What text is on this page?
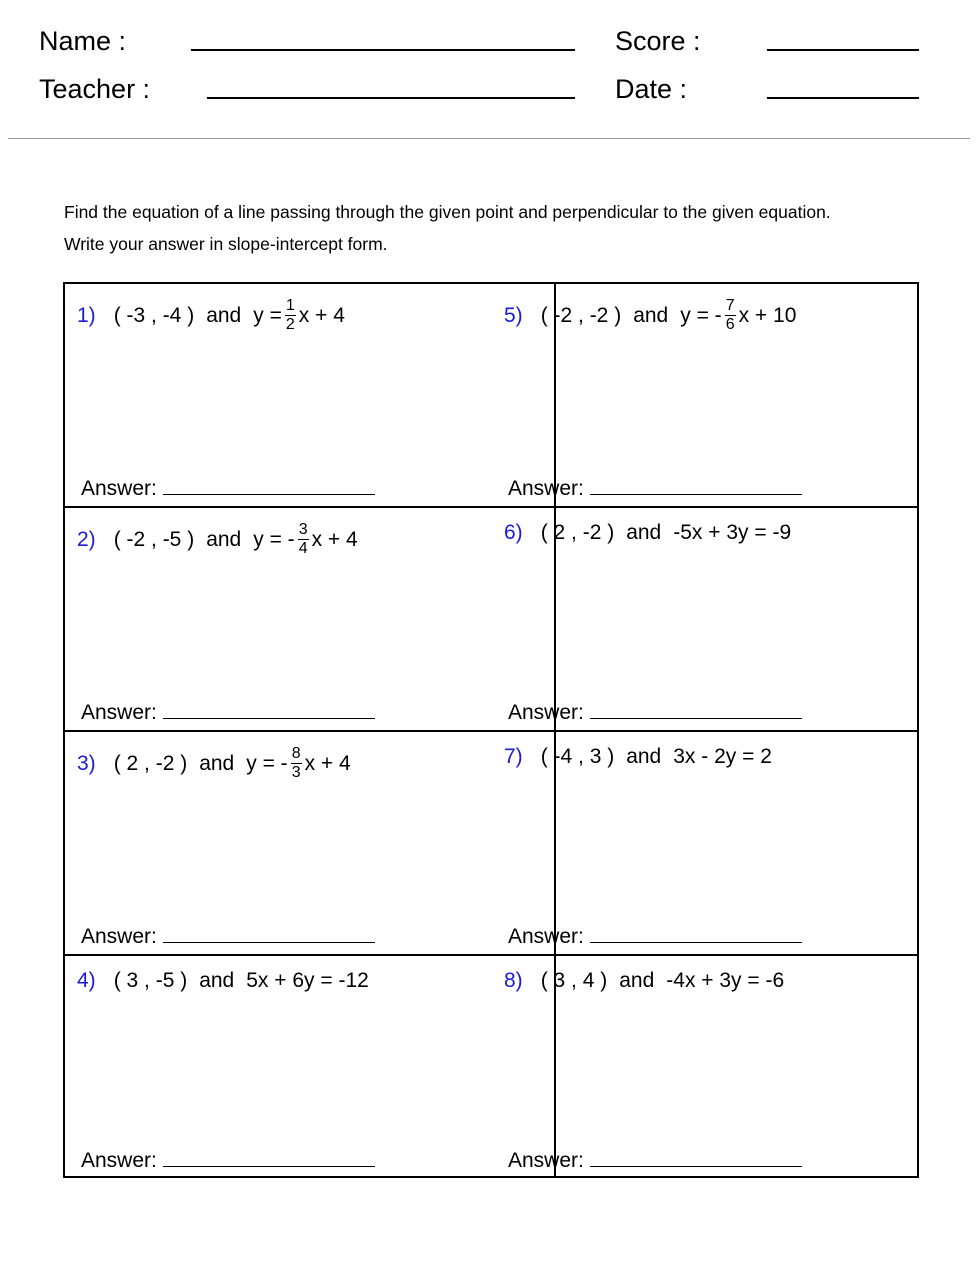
Name :
Teacher :
Score :
Date :
Find the equation of a line passing through the given point and perpendicular to the given equation.
Write your answer in slope-intercept form.
1) ( -3 , -4 ) and $y = \frac{1}{2}$ x + 4
Answer:
2) ( -2 , -5 ) and y = - $\frac{3}{4}$ x + 4
Answer:
3) ( 2 , -2 ) and y = - $\frac{8}{3}$ x + 4
Answer:
4) ( 3 , -5 ) and 5x + 6y = -12
Answer:
5) ( -2 , -2 ) and y = - $\frac{7}{6}$ x + 10
Answer:
6) ( 2 , -2 ) and -5x + 3y = -9
Answer:
7) ( -4 , 3 ) and 3x - 2y = 2
Answer:
8) ( 3 , 4 ) and -4x + 3y = -6
Answer:
